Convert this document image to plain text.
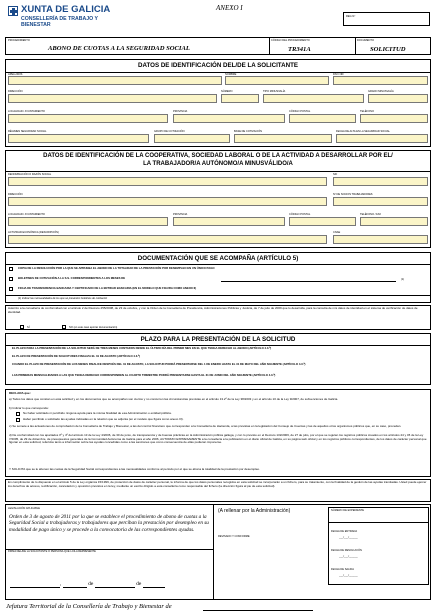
XUNTA DE GALICIA
CONSELLERÍA DE TRABAJO Y
BIENESTAR
ANEXO I
REG Nº
PROCEDIMIENTO
ABONO DE CUOTAS A LA SEGURIDAD SOCIAL
CÓDIGO DEL PROCEDIMIENTO
TR341A
DOCUMENTO
SOLICITUD
DATOS DE IDENTIFICACIÓN DEL/DE LA SOLICITANTE
APELLIDOS	NOMBRE	DNI / NIF
DIRECCIÓN	NÚMERO	TIPO MINUSVALÍA	GRADO MINUSVALÍA
LOCALIDAD / AYUNTAMIENTO	PROVINCIA	CÓDIGO POSTAL	TELÉFONO
RÉGIMEN SEGURIDAD SOCIAL	GRUPO DE COTIZACIÓN	BASE DE COTIZACIÓN	FECHA DE ALTA EN LA SEGURIDAD SOCIAL
DATOS DE IDENTIFICACIÓN DE LA COOPERATIVA, SOCIEDAD LABORAL O DE LA ACTIVIDAD A DESARROLLAR POR EL/
LA TRABAJADOR/A AUTÓNOMO/A MINUSVÁLIDO/A
DENOMINACIÓN O RAZÓN SOCIAL	NIF
DIRECCIÓN	Nº DE SOCIOS TRABAJADORES
LOCALIDAD / AYUNTAMIENTO	PROVINCIA	CÓDIGO POSTAL	TELÉFONO / FAX
ACTIVIDAD ECONÓMICA (DESCRIPCIÓN)	CNAE
DOCUMENTACIÓN QUE SE ACOMPAÑA (ARTÍCULO 5)
COPIA DE LA RESOLUCIÓN POR LA QUE SE APRUEBA EL ABONO DE LA TOTALIDAD DE LA PRESTACIÓN POR DESEMPLEO EN UN ÚNICO PAGO
BOLETINES DE COTIZACIÓN A LA S.S. CORRESPONDIENTES A LOS MESES DE	(1)
FICHA DE TRANSFERENCIA BANCARIA Y CERTIFICADO DE LA ENTIDAD BANCARIA (EN EL MODELO QUE FIGURA COMO ANEXO II)
(1) Indicar las mensualidades de los que se presenten boletines de cotización
Autorizo a la consellería de conformidad con el artículo 2 del Decreto 255/2008, de 23 de octubre, y con la Orden de la Consellería de Presidencia, Administraciones Públicas y Justicia, de 7 de julio de 2009 que lo desarrolla, para la consulta de mis datos de identidad en el sistema de verificación de datos de identidad.
SÍ	NO (en este caso aportar documentación)
PLAZO PARA LA PRESENTACIÓN DE LA SOLICITUD
EL PLAZO PARA LA PRESENTACIÓN DE LA SOLICITUD SERÁ DE TRES MESES CONTADOS DESDE EL ÚLTIMO DÍA DEL PRIMER MES EN EL QUE TENGA DERECHO AL ABONO (ARTÍCULO 4.3.ª)
EL PLAZO DE PRESENTACIÓN DE SOLICITUDES FINALIZA EL 31 DE AGOSTO (ARTÍCULO 4.3.ª)
CUANDO EL PLAZO DE PRESENTACIÓN DE LOS MESES FINALICE DESPUÉS DEL 31 DE AGOSTO, LA SOLICITUD PODRÁ PRESENTARSE DEL 1 DE ENERO HASTA EL 31 DE MAYO DEL AÑO SIGUIENTE (ARTÍCULO 4.3.ª)
LAS PRIMERAS MENSUALIDADES A LAS QUE TENGA DERECHO CORRESPONDEN AL CUARTO TRIMESTRE PODRÁ PRESENTARSE HASTA EL 31 DE JUNIO DEL AÑO SIGUIENTE (ARTÍCULO 4.3.ª)
DECLARA que:
a) Todos los datos que constan en esta solicitud y en los documentos que se acompañan son ciertos y no concurren las circunstancias previstas en el artículo 13.2º de la Ley 38/2003 y en el artículo 10 de la Ley 9/2007, de subvenciones de Galicia.
b) Indicar lo que corresponde:
No haber solicitado ni percibido ninguna ayuda para la misma finalidad de esa Administración o entidad pública.
Haber percibido o solicitado las ayudas indicadas en la relación que se adjunta (en el modelo que figura como anexo III).
c) Se somete a las actuaciones de comprobación de la Consellería de Trabajo y Bienestar, a las del control financiero que corresponden a la Consellería de Hacienda, a las previstas en la legislación del Consejo de Cuentas y las de aquellos otros organismos públicos que, en su caso, procedan.
d) De conformidad con los apartados 3º y 4º del artículo 13 de la Ley 4/2006, de 30 de junio, de transparencia y de buenas prácticas en la Administración pública gallega, y con lo previsto en el Decreto 132/2006, de 27 de julio, por el que se regulan los registros públicos creados en los artículos 44 y 45 de la Ley 7/2005, de 29 de diciembre, de presupuestos generales de la Comunidad Autónoma de Galicia para el año 2006, AUTORIZO EXPRESAMENTE a la consellería a la publicación en el diario oficial de Galicia, en su página web oficial y en los registros públicos correspondientes, de los datos de carácter personal que figuran en esta solicitud, referidos tanto a información sobre las ayudas concedidas como a las sanciones que como consecuencia de ellas pudieran imponerse.
Y SOLICITA que se le abonen las cuotas de la Seguridad Social correspondientes a las mensualidades conforme al período por el que se abona la totalidad de la prestación por desempleo.
En cumplimiento de lo dispuesto en el artículo 5 de la Ley orgánica 15/1999, de protección de datos de carácter personal, le informa de que los datos personales recogidos en esta solicitud se incorporarán a un fichero, para su tratamiento, con la finalidad de la gestión de las ayudas tramitadas. Usted puede ejercer los derechos de acceso, rectificación, cancelación y oposición previstos en la ley, mediante un escrito dirigido a esta consellería como responsable del fichero (la dirección figura al pie de esta solicitud).
LEGISLACIÓN APLICABLE
Orden de 3 de agosto de 2011 por la que se establece el procedimiento de abono de cuotas a la Seguridad Social a trabajadoras y trabajadores que perciban la prestación por desempleo en su modalidad de pago único y se procede a la convocatoria de las correspondientes ayudas.
FIRMA DEL/DE LA SOLICITANTE O PERSONA QUE LO/LA REPRESENTE
,	de	de
(A rellenar por la Administración)
REVISADO Y CONFORME
NÚMERO DE EXPEDIENTE
FECHA DE ENTRADA
___/___/______
FECHA DE RESOLUCIÓN
___/___/______
FECHA DE SALIDA
___/___/______
Jefatura Territorial de la Consellería de Trabajo y Bienestar de
